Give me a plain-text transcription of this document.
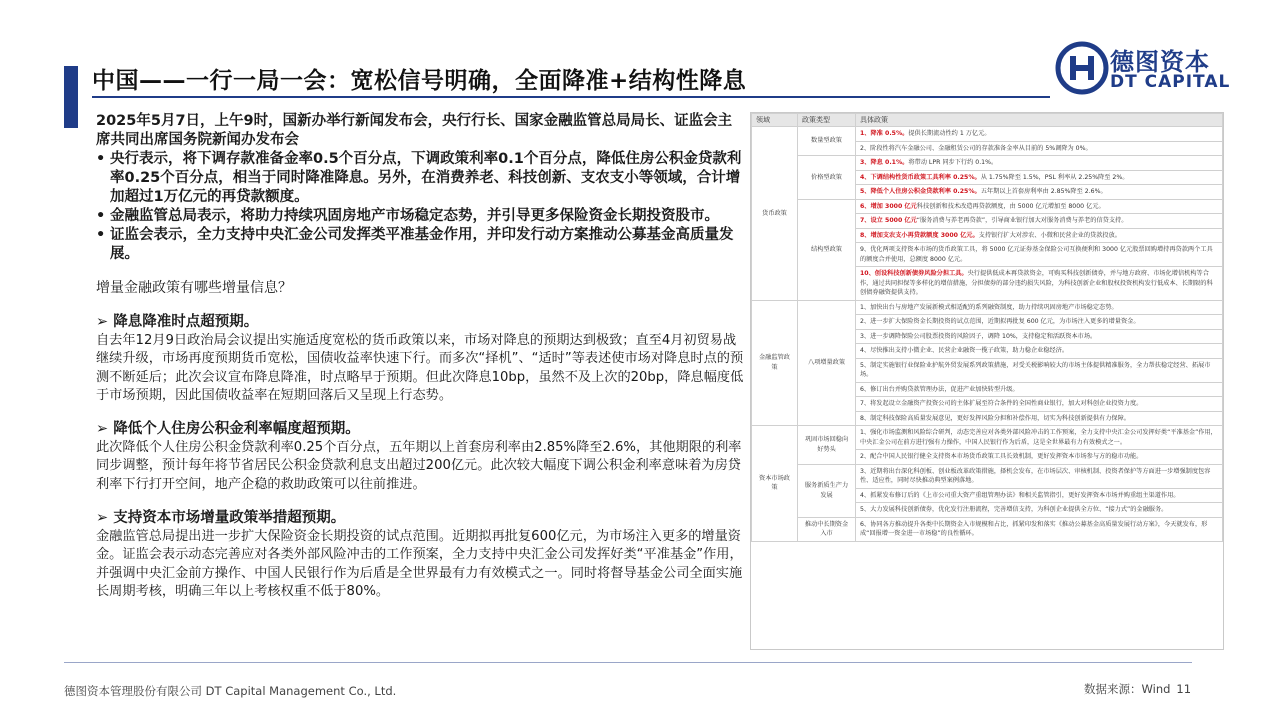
中国——一行一局一会：宽松信号明确，全面降准+结构性降息
德图资本
DT CAPITAL

2025年5月7日，上午9时，国新办举行新闻发布会，央行行长、国家金融监管总局局长、证监会主席共同出席国务院新闻办发布会

• 央行表示，将下调存款准备金率0.5个百分点，下调政策利率0.1个百分点，降低住房公积金贷款利率0.25个百分点，相当于同时降准降息。另外，在消费养老、科技创新、支农支小等领域，合计增加超过1万亿元的再贷款额度。
• 金融监管总局表示，将助力持续巩固房地产市场稳定态势，并引导更多保险资金长期投资股市。
• 证监会表示，全力支持中央汇金公司发挥类平准基金作用，并印发行动方案推动公募基金高质量发展。

增量金融政策有哪些增量信息？

➢ 降息降准时点超预期。

自去年12月9日政治局会议提出实施适度宽松的货币政策以来，市场对降息的预期达到极致；直至4月初贸易战继续升级，市场再度预期货币宽松，国债收益率快速下行。而多次“择机”、“适时”等表述使市场对降息时点的预测不断延后；此次会议宣布降息降准，时点略早于预期。但此次降息10bp，虽然不及上次的20bp，降息幅度低于市场预期，因此国债收益率在短期回落后又呈现上行态势。

➢ 降低个人住房公积金利率幅度超预期。

此次降低个人住房公积金贷款利率0.25个百分点，五年期以上首套房利率由2.85%降至2.6%，其他期限的利率同步调整，预计每年将节省居民公积金贷款利息支出超过200亿元。此次较大幅度下调公积金利率意味着为房贷利率下行打开空间，地产企稳的救助政策可以往前推进。

➢ 支持资本市场增量政策举措超预期。

金融监管总局提出进一步扩大保险资金长期投资的试点范围。近期拟再批复600亿元，为市场注入更多的增量资金。证监会表示动态完善应对各类外部风险冲击的工作预案，全力支持中央汇金公司发挥好类“平准基金”作用，并强调中央汇金前方操作、中国人民银行作为后盾是全世界最有力有效模式之一。同时将督导基金公司全面实施长周期考核，明确三年以上考核权重不低于80%。

领域	政策类型	具体政策
货币政策	数量型政策	1、降准 0.5%。提供长期流动性约 1 万亿元。
		2、阶段性将汽车金融公司、金融租赁公司的存款准备金率从目前的 5%调降为 0%。
	价格型政策	3、降息 0.1%。将带动 LPR 同步下行约 0.1%。
		4、下调结构性货币政策工具利率 0.25%。从 1.75%降至 1.5%，PSL 利率从 2.25%降至 2%。
		5、降低个人住房公积金贷款利率 0.25%。五年期以上首套房利率由 2.85%降至 2.6%。
	结构型政策	6、增加 3000 亿元科技创新和技术改造再贷款额度，由 5000 亿元增加至 8000 亿元。
		7、设立 5000 亿元“服务消费与养老再贷款”，引导商业银行加大对服务消费与养老的信贷支持。
		8、增加支农支小再贷款额度 3000 亿元。支持银行扩大对涉农、小微和民营企业的贷款投放。
		9、优化两项支持资本市场的货币政策工具，将 5000 亿元证券基金保险公司互换便利和 3000 亿元股票回购增持再贷款两个工具的额度合并使用，总额度 8000 亿元。
		10、创设科技创新债券风险分担工具。央行提供低成本再贷款资金，可购买科技创新债券，并与地方政府、市场化增信机构等合作，通过共同担保等多样化的增信措施，分担债券的部分违约损失风险，为科技创新企业和股权投资机构发行低成本、长期限的科创债券融资提供支持。
金融监管政策	八项增量政策	1、加快出台与房地产发展新模式相适配的系列融资制度，助力持续巩固房地产市场稳定态势。
		2、进一步扩大保险资金长期投资的试点范围，近期拟再批复 600 亿元，为市场注入更多的增量资金。
		3、进一步调降保险公司股票投资的风险因子，调降 10%，支持稳定和活跃资本市场。
		4、尽快推出支持小微企业、民营企业融资一揽子政策，助力稳企业稳经济。
		5、制定实施银行业保险业护航外贸发展系列政策措施，对受关税影响较大的市场主体提供精准服务，全力帮扶稳定经营、拓展市场。
		6、修订出台并购贷款管理办法，促进产业加快转型升级。
		7、将发起设立金融资产投资公司的主体扩展至符合条件的全国性商业银行，加大对科创企业投资力度。
		8、制定科技保险高质量发展意见，更好发挥风险分担和补偿作用，切实为科技创新提供有力保障。
资本市场政策	巩固市场回稳向好势头	1、强化市场监测和风险综合研判，动态完善应对各类外部风险冲击的工作预案，全力支持中央汇金公司发挥好类“平准基金”作用，中央汇金公司在前方进行强有力操作，中国人民银行作为后盾，这是全世界最有力有效模式之一。
		2、配合中国人民银行健全支持资本市场货币政策工具长效机制，更好发挥资本市场参与方的稳市功能。
	服务新质生产力发展	3、近期将出台深化科创板、创业板改革政策措施，择机会发布，在市场层次、审核机制、投资者保护等方面进一步增强制度包容性、适应性，同时尽快推动典型案例落地。
		4、抓紧发布修订后的《上市公司重大资产重组管理办法》和相关监管指引，更好发挥资本市场并购重组主渠道作用。
		5、大力发展科技创新债券，优化发行注册流程，完善增信支持，为科创企业提供全方位、“接力式”的金融服务。
	推动中长期资金入市	6、协同各方推动提升各类中长期资金入市规模和占比，抓紧印发和落实《推动公募基金高质量发展行动方案》，今天就发布，形成“回报增一资金进一市场稳”的良性循环。
德图资本管理股份有限公司 DT Capital Management Co., Ltd.	数据来源：Wind 11
